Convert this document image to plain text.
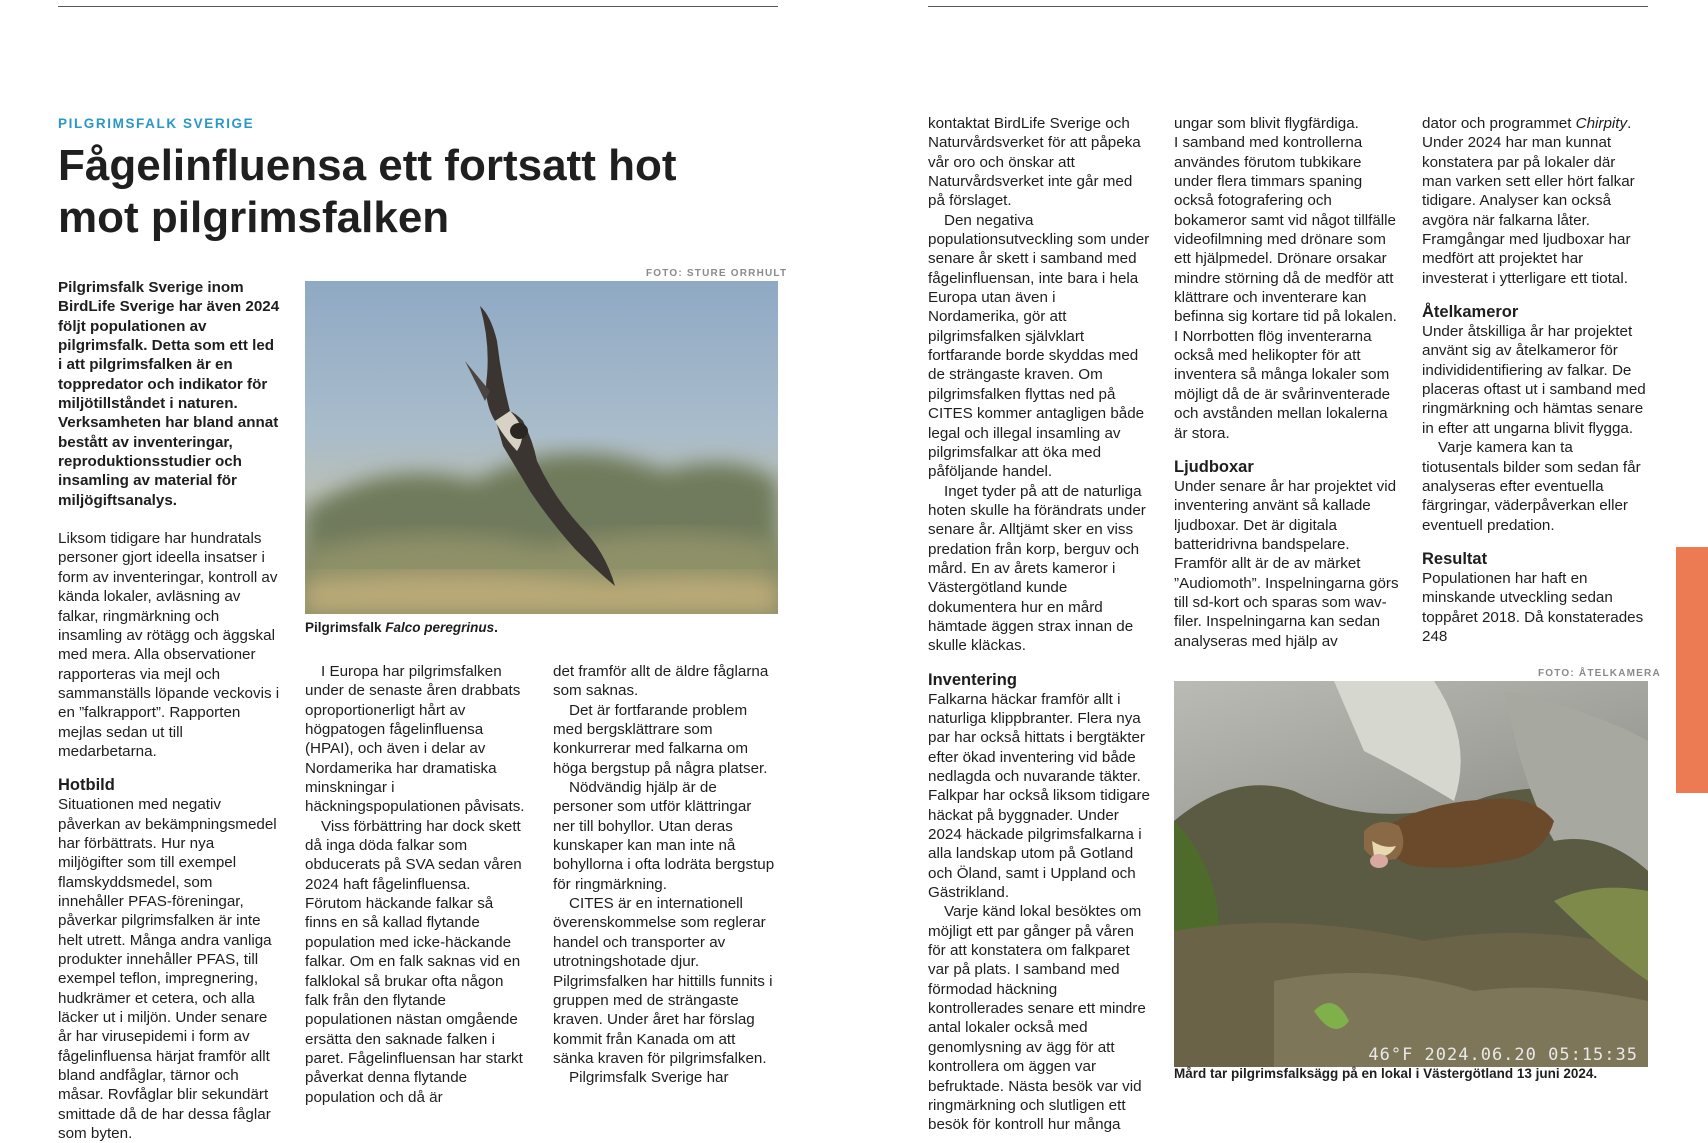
PILGRIMSFALK SVERIGE
Fågelinfluensa ett fortsatt hot mot pilgrimsfalken

Pilgrimsfalk Sverige inom BirdLife Sverige har även 2024 följt populationen av pilgrimsfalk. Detta som ett led i att pilgrimsfalken är en toppredator och indikator för miljötillståndet i naturen. Verksamheten har bland annat bestått av inventeringar, reproduktionsstudier och insamling av material för miljögiftsanalys.

Liksom tidigare har hundratals personer gjort ideella insatser i form av inventeringar, kontroll av kända lokaler, avläsning av falkar, ringmärkning och insamling av rötägg och äggskal med mera. Alla observationer rapporteras via mejl och sammanställs löpande veckovis i en ”falkrapport”. Rapporten mejlas sedan ut till medarbetarna.

Hotbild

Situationen med negativ påverkan av bekämpningsmedel har förbättrats. Hur nya miljögifter som till exempel flamskyddsmedel, som innehåller PFAS-föreningar, påverkar pilgrimsfalken är inte helt utrett. Många andra vanliga produkter innehåller PFAS, till exempel teflon, impregnering, hudkrämer et cetera, och alla läcker ut i miljön. Under senare år har virusepidemi i form av fågelinfluensa härjat framför allt bland andfåglar, tärnor och måsar. Rovfåglar blir sekundärt smittade då de har dessa fåglar som byten.

FOTO: STURE ORRHULT
Pilgrimsfalk Falco peregrinus.

I Europa har pilgrimsfalken under de senaste åren drabbats oproportionerligt hårt av högpatogen fågelinfluensa (HPAI), och även i delar av Nordamerika har dramatiska minskningar i häckningspopulationen påvisats.

Viss förbättring har dock skett då inga döda falkar som obducerats på SVA sedan våren 2024 haft fågelinfluensa. Förutom häckande falkar så finns en så kallad flytande population med icke-häckande falkar. Om en falk saknas vid en falklokal så brukar ofta någon falk från den flytande populationen nästan omgående ersätta den saknade falken i paret. Fågelinfluensan har starkt påverkat denna flytande population och då är

det framför allt de äldre fåglarna som saknas.

Det är fortfarande problem med bergsklättrare som konkurrerar med falkarna om höga bergstup på några platser.

Nödvändig hjälp är de personer som utför klättringar ner till bohyllor. Utan deras kunskaper kan man inte nå bohyllorna i ofta lodräta bergstup för ringmärkning.

CITES är en internationell överenskommelse som reglerar handel och transporter av utrotningshotade djur. Pilgrimsfalken har hittills funnits i gruppen med de strängaste kraven. Under året har förslag kommit från Kanada om att sänka kraven för pilgrimsfalken.

Pilgrimsfalk Sverige har

kontaktat BirdLife Sverige och Naturvårdsverket för att påpeka vår oro och önskar att Naturvårdsverket inte går med på förslaget.

Den negativa populationsutveckling som under senare år skett i samband med fågelinfluensan, inte bara i hela Europa utan även i Nordamerika, gör att pilgrimsfalken självklart fortfarande borde skyddas med de strängaste kraven. Om pilgrimsfalken flyttas ned på CITES kommer antagligen både legal och illegal insamling av pilgrimsfalkar att öka med påföljande handel.

Inget tyder på att de naturliga hoten skulle ha förändrats under senare år. Alltjämt sker en viss predation från korp, berguv och mård. En av årets kameror i Västergötland kunde dokumentera hur en mård hämtade äggen strax innan de skulle kläckas.

Inventering

Falkarna häckar framför allt i naturliga klippbranter. Flera nya par har också hittats i bergtäkter efter ökad inventering vid både nedlagda och nuvarande täkter. Falkpar har också liksom tidigare häckat på byggnader. Under 2024 häckade pilgrimsfalkarna i alla landskap utom på Gotland och Öland, samt i Uppland och Gästrikland.

Varje känd lokal besöktes om möjligt ett par gånger på våren för att konstatera om falkparet var på plats. I samband med förmodad häckning kontrollerades senare ett mindre antal lokaler också med genomlysning av ägg för att kontrollera om äggen var befruktade. Nästa besök var vid ringmärkning och slutligen ett besök för kontroll hur många

ungar som blivit flygfärdiga.

I samband med kontrollerna användes förutom tubkikare under flera timmars spaning också fotografering och bokameror samt vid något tillfälle videofilmning med drönare som ett hjälpmedel. Drönare orsakar mindre störning då de medför att klättrare och inventerare kan befinna sig kortare tid på lokalen. I Norrbotten flög inventerarna också med helikopter för att inventera så många lokaler som möjligt då de är svårinventerade och avstånden mellan lokalerna är stora.

Ljudboxar

Under senare år har projektet vid inventering använt så kallade ljudboxar. Det är digitala batteridrivna bandspelare. Framför allt är de av märket ”Audiomoth”. Inspelningarna görs till sd-kort och sparas som wav-filer. Inspelningarna kan sedan analyseras med hjälp av

dator och programmet Chirpity. Under 2024 har man kunnat konstatera par på lokaler där man varken sett eller hört falkar tidigare. Analyser kan också avgöra när falkarna låter. Framgångar med ljudboxar har medfört att projektet har investerat i ytterligare ett tiotal.

Åtelkameror

Under åtskilliga år har projektet använt sig av åtelkameror för individidentifiering av falkar. De placeras oftast ut i samband med ringmärkning och hämtas senare in efter att ungarna blivit flygga.

Varje kamera kan ta tiotusentals bilder som sedan får analyseras efter eventuella färgringar, väderpåverkan eller eventuell predation.

Resultat

Populationen har haft en minskande utveckling sedan toppåret 2018. Då konstaterades 248

FOTO: ÅTELKAMERA
46°F 2024.06.20 05:15:35
Mård tar pilgrimsfalksägg på en lokal i Västergötland 13 juni 2024.
